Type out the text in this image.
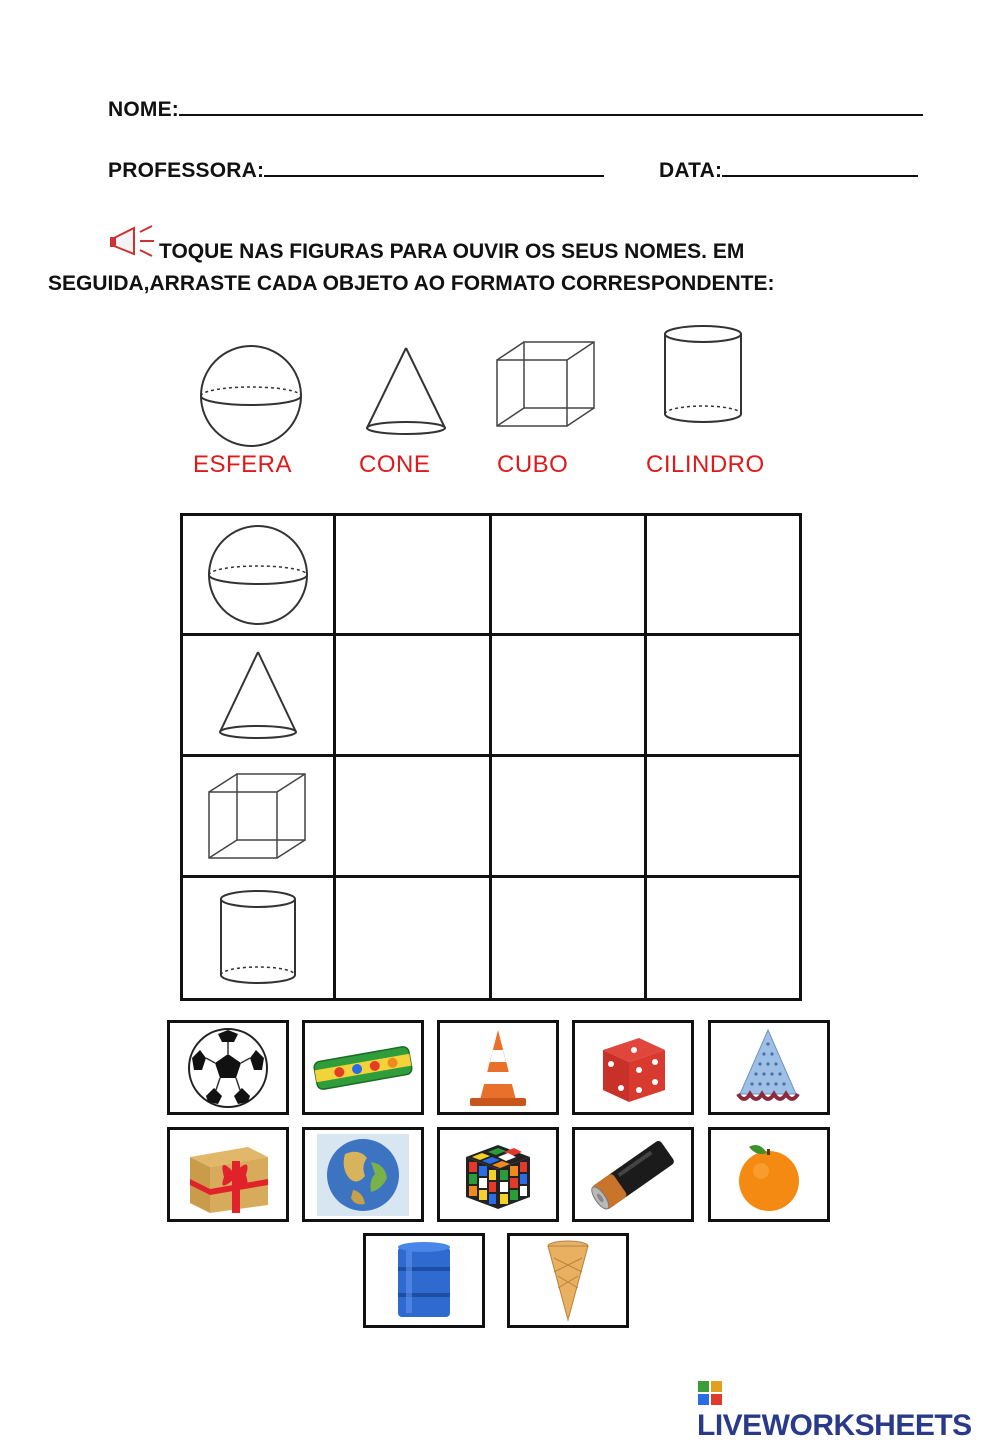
NOME:
PROFESSORA:	DATA:
TOQUE NAS FIGURAS PARA OUVIR OS SEUS NOMES. EM
SEGUIDA,ARRASTE CADA OBJETO AO FORMATO CORRESPONDENTE:
ESFERA	CONE	CUBO	CILINDRO
LIVEWORKSHEETS
